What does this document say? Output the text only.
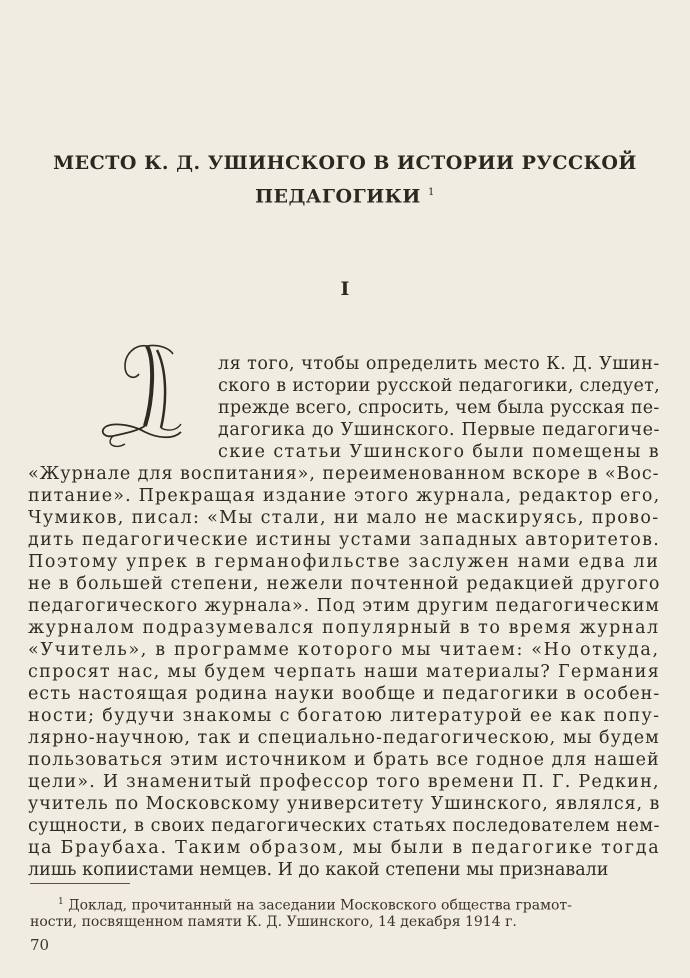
МЕСТО К. Д. УШИНСКОГО В ИСТОРИИ РУССКОЙ
ПЕДАГОГИКИ $^1$
I
ля того, чтобы определить место К. Д. Ушин-
ского в истории русской педагогики, следует,
прежде всего, спросить, чем была русская пе-
дагогика до Ушинского. Первые педагогиче-
ские статьи Ушинского были помещены в
«Журнале для воспитания», переименованном вскоре в «Вос-
питание». Прекращая издание этого журнала, редактор его,
Чумиков, писал: «Мы стали, ни мало не маскируясь, прово-
дить педагогические истины устами западных авторитетов.
Поэтому упрек в германофильстве заслужен нами едва ли
не в большей степени, нежели почтенной редакцией другого
педагогического журнала». Под этим другим педагогическим
журналом подразумевался популярный в то время журнал
«Учитель», в программе которого мы читаем: «Но откуда,
спросят нас, мы будем черпать наши материалы? Германия
есть настоящая родина науки вообще и педагогики в особен-
ности; будучи знакомы с богатою литературой ее как попу-
лярно-научною, так и специально-педагогическою, мы будем
пользоваться этим источником и брать все годное для нашей
цели». И знаменитый профессор того времени П. Г. Редкин,
учитель по Московскому университету Ушинского, являлся, в
сущности, в своих педагогических статьях последователем нем-
ца Браубаха. Таким образом, мы были в педагогике тогда
лишь копиистами немцев. И до какой степени мы признавали
$^1$ Доклад, прочитанный на заседании Московского общества грамот-
ности, посвященном памяти К. Д. Ушинского, 14 декабря 1914 г.
70
